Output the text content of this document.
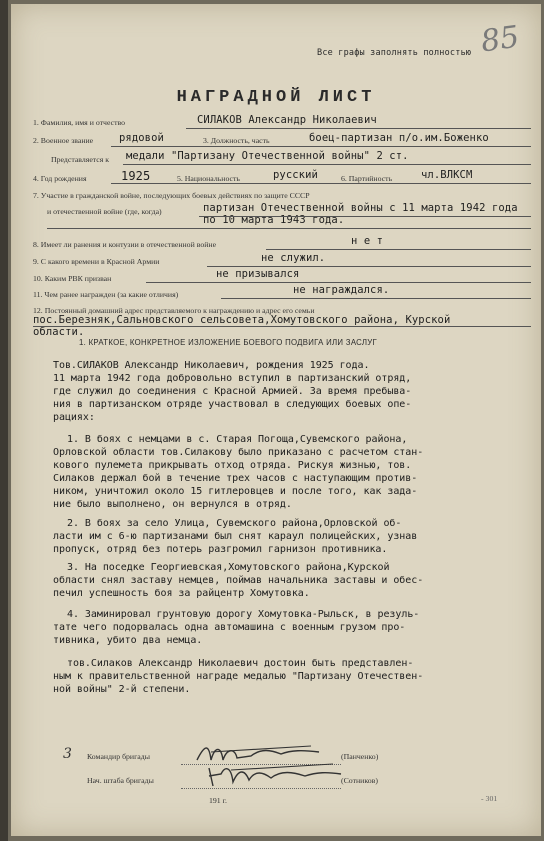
Все графы заполнять полностью 85
НАГРАДНОЙ ЛИСТ
1. Фамилия, имя и отчество	СИЛАКОВ Александр Николаевич
2. Военное звание рядовой	3. Должность, часть	боец-партизан п/о.им.Боженко
Представляется к медали "Партизану Отечественной войны" 2 ст.
4. Год рождения	1925	5. Национальность	русский	6. Партийность	чл.ВЛКСМ
7. Участие в гражданской войне, последующих боевых действиях по защите СССР
и отечественной войне (где, когда)	партизан Отечественной войны с 11 марта 1942 года по 10 марта 1943 года.
8. Имеет ли ранения и контузии в отечественной войне	н е т
9. С какого времени в Красной Армии	не служил.
10. Каким РВК призван	не призывался
11. Чем ранее награжден (за какие отличия)	не награждался.
12. Постоянный домашний адрес представляемого к награждению и адрес его семьи
пос.Березняк,Сальновского сельсовета,Хомутовского района, Курской области.
1. КРАТКОЕ, КОНКРЕТНОЕ ИЗЛОЖЕНИЕ БОЕВОГО ПОДВИГА ИЛИ ЗАСЛУГ
Тов.СИЛАКОВ Александр Николаевич, рождения 1925 года.
11 марта 1942 года добровольно вступил в партизанский отряд,
где служил до соединения с Красной Армией. За время пребыва-
ния в партизанском отряде участвовал в следующих боевых опе-
рациях:
1. В боях с немцами в с. Старая Погоща,Сувемского района,
Орловской области тов.Силакову было приказано с расчетом стан-
кового пулемета прикрывать отход отряда. Рискуя жизнью, тов.
Силаков держал бой в течение трех часов с наступающим против-
ником, уничтожил около 15 гитлеровцев и после того, как зада-
ние было выполнено, он вернулся в отряд.
2. В боях за село Улица, Сувемского района,Орловской об-
ласти им с 6-ю партизанами был снят караул полицейских, узнав
пропуск, отряд без потерь разгромил гарнизон противника.
3. На поседке Георгиевская,Хомутовского района,Курской
области снял заставу немцев, поймав начальника заставы и обес-
печил успешность боя за райцентр Хомутовка.
4. Заминировал грунтовую дорогу Хомутовка-Рыльск, в резуль-
тате чего подорвалась одна автомашина с военным грузом про-
тивника, убито два немца.
тов.Силаков Александр Николаевич достоин быть представлен-
ным к правительственной награде медалью "Партизану Отечествен-
ной войны" 2-й степени.
3 Командир бригады	(Панченко)
Нач. штаба бригады	(Сотников)
191 г.	- 301
